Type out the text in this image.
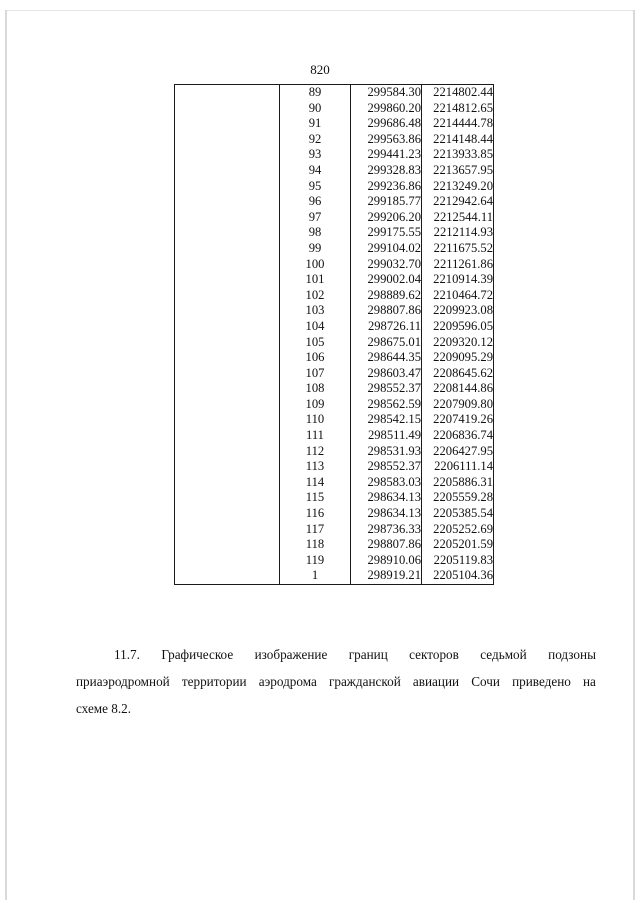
820
	89	299584.30	2214802.44
	90	299860.20	2214812.65
	91	299686.48	2214444.78
	92	299563.86	2214148.44
	93	299441.23	2213933.85
	94	299328.83	2213657.95
	95	299236.86	2213249.20
	96	299185.77	2212942.64
	97	299206.20	2212544.11
	98	299175.55	2212114.93
	99	299104.02	2211675.52
	100	299032.70	2211261.86
	101	299002.04	2210914.39
	102	298889.62	2210464.72
	103	298807.86	2209923.08
	104	298726.11	2209596.05
	105	298675.01	2209320.12
	106	298644.35	2209095.29
	107	298603.47	2208645.62
	108	298552.37	2208144.86
	109	298562.59	2207909.80
	110	298542.15	2207419.26
	111	298511.49	2206836.74
	112	298531.93	2206427.95
	113	298552.37	2206111.14
	114	298583.03	2205886.31
	115	298634.13	2205559.28
	116	298634.13	2205385.54
	117	298736.33	2205252.69
	118	298807.86	2205201.59
	119	298910.06	2205119.83
	1	298919.21	2205104.36
11.7. Графическое изображение границ секторов седьмой подзоны
приаэродромной территории аэродрома гражданской авиации Сочи приведено на
схеме 8.2.
